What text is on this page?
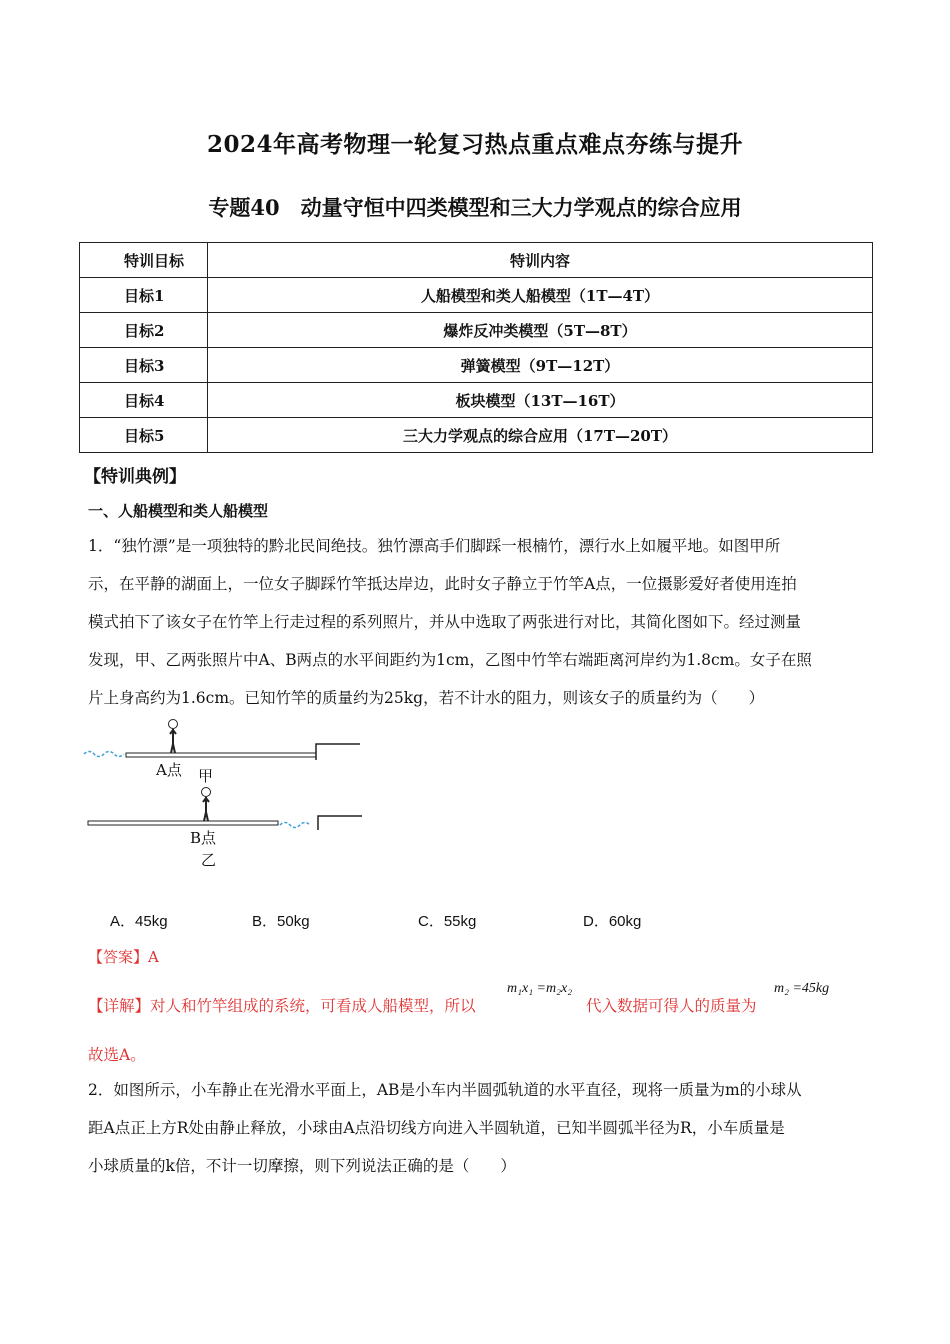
2024年高考物理一轮复习热点重点难点夯练与提升
专题40　动量守恒中四类模型和三大力学观点的综合应用
特训目标	特训内容
目标1	人船模型和类人船模型（1T—4T）
目标2	爆炸反冲类模型（5T—8T）
目标3	弹簧模型（9T—12T）
目标4	板块模型（13T—16T）
目标5	三大力学观点的综合应用（17T—20T）
【特训典例】
一、人船模型和类人船模型
1．“独竹漂”是一项独特的黔北民间绝技。独竹漂高手们脚踩一根楠竹，漂行水上如履平地。如图甲所
示，在平静的湖面上，一位女子脚踩竹竿抵达岸边，此时女子静立于竹竿A点，一位摄影爱好者使用连拍
模式拍下了该女子在竹竿上行走过程的系列照片，并从中选取了两张进行对比，其简化图如下。经过测量
发现，甲、乙两张照片中A、B两点的水平间距约为1cm，乙图中竹竿右端距离河岸约为1.8cm。女子在照
片上身高约为1.6cm。已知竹竿的质量约为25kg，若不计水的阻力，则该女子的质量约为（　　）
A点 甲
B点
乙
A．45kg	B．50kg	C．55kg	D．60kg
【答案】A
【详解】对人和竹竿组成的系统，可看成人船模型，所以
m₁x₁ =m₂x₂
代入数据可得人的质量为
m₂ =45kg
故选A。
2．如图所示，小车静止在光滑水平面上，AB是小车内半圆弧轨道的水平直径，现将一质量为m的小球从
距A点正上方R处由静止释放，小球由A点沿切线方向进入半圆轨道，已知半圆弧半径为R，小车质量是
小球质量的k倍，不计一切摩擦，则下列说法正确的是（　　）
